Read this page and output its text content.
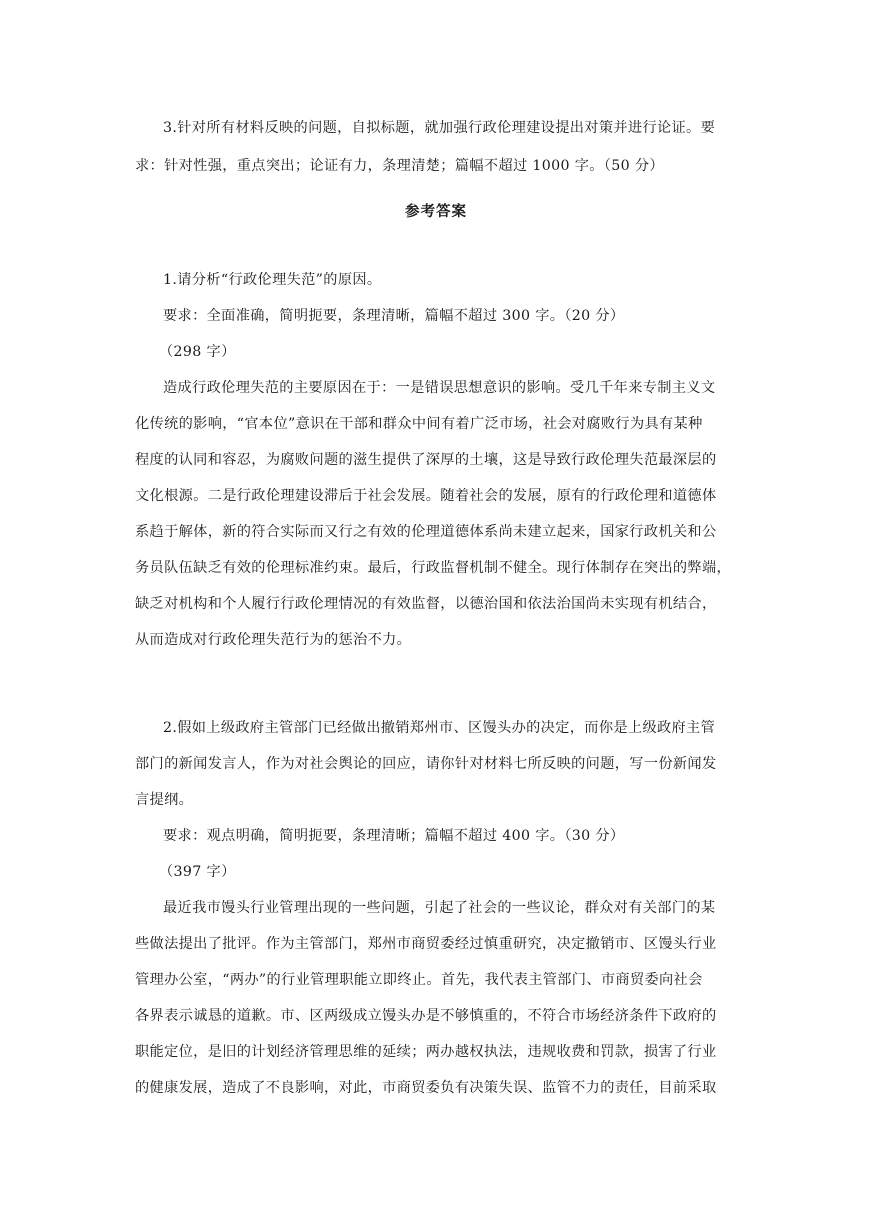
3.针对所有材料反映的问题，自拟标题，就加强行政伦理建设提出对策并进行论证。要

求：针对性强，重点突出；论证有力，条理清楚；篇幅不超过 1000 字。（50 分）

参考答案

1.请分析“行政伦理失范”的原因。

要求：全面准确，简明扼要，条理清晰，篇幅不超过 300 字。（20 分）

（298 字）

造成行政伦理失范的主要原因在于：一是错误思想意识的影响。受几千年来专制主义文

化传统的影响，“官本位”意识在干部和群众中间有着广泛市场，社会对腐败行为具有某种

程度的认同和容忍，为腐败问题的滋生提供了深厚的土壤，这是导致行政伦理失范最深层的

文化根源。二是行政伦理建设滞后于社会发展。随着社会的发展，原有的行政伦理和道德体

系趋于解体，新的符合实际而又行之有效的伦理道德体系尚未建立起来，国家行政机关和公

务员队伍缺乏有效的伦理标准约束。最后，行政监督机制不健全。现行体制存在突出的弊端，

缺乏对机构和个人履行行政伦理情况的有效监督，以德治国和依法治国尚未实现有机结合，

从而造成对行政伦理失范行为的惩治不力。

2.假如上级政府主管部门已经做出撤销郑州市、区馒头办的决定，而你是上级政府主管

部门的新闻发言人，作为对社会舆论的回应，请你针对材料七所反映的问题，写一份新闻发

言提纲。

要求：观点明确，简明扼要，条理清晰；篇幅不超过 400 字。（30 分）

（397 字）

最近我市馒头行业管理出现的一些问题，引起了社会的一些议论，群众对有关部门的某

些做法提出了批评。作为主管部门，郑州市商贸委经过慎重研究，决定撤销市、区馒头行业

管理办公室，“两办”的行业管理职能立即终止。首先，我代表主管部门、市商贸委向社会

各界表示诚恳的道歉。市、区两级成立馒头办是不够慎重的，不符合市场经济条件下政府的

职能定位，是旧的计划经济管理思维的延续；两办越权执法，违规收费和罚款，损害了行业

的健康发展，造成了不良影响，对此，市商贸委负有决策失误、监管不力的责任，目前采取
